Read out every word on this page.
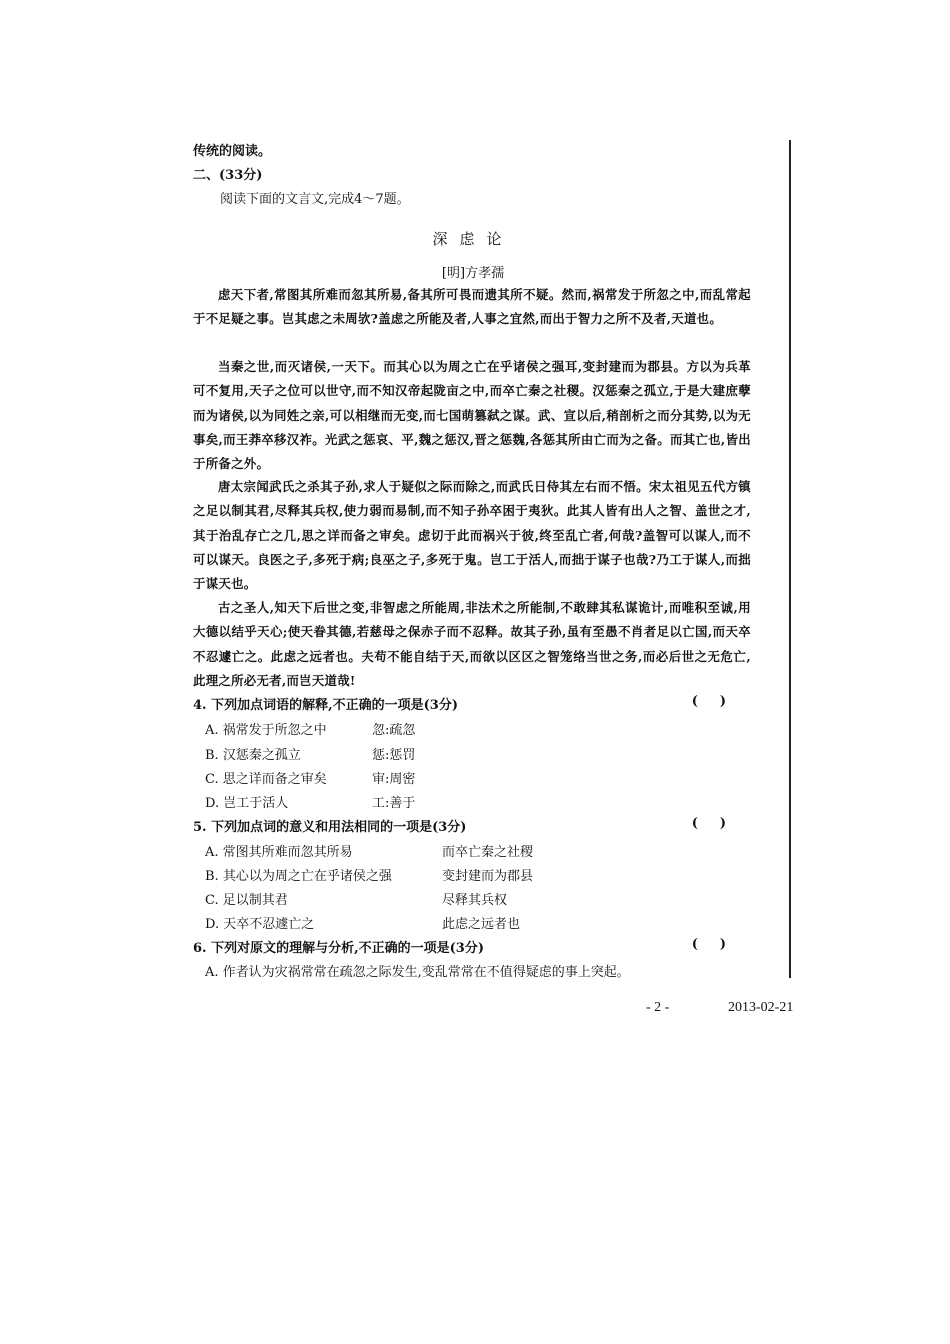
传统的阅读。
二、(33分)
阅读下面的文言文,完成4～7题。
深虑论
[明]方孝孺
虑天下者,常图其所难而忽其所易,备其所可畏而遗其所不疑。然而,祸常发于所忽之中,而乱常起于不足疑之事。岂其虑之未周欤?盖虑之所能及者,人事之宜然,而出于智力之所不及者,天道也。
当秦之世,而灭诸侯,一天下。而其心以为周之亡在乎诸侯之强耳,变封建而为郡县。方以为兵革可不复用,天子之位可以世守,而不知汉帝起陇亩之中,而卒亡秦之社稷。汉惩秦之孤立,于是大建庶孽而为诸侯,以为同姓之亲,可以相继而无变,而七国萌篡弑之谋。武、宣以后,稍剖析之而分其势,以为无事矣,而王莽卒移汉祚。光武之惩哀、平,魏之惩汉,晋之惩魏,各惩其所由亡而为之备。而其亡也,皆出于所备之外。
唐太宗闻武氏之杀其子孙,求人于疑似之际而除之,而武氏日侍其左右而不悟。宋太祖见五代方镇之足以制其君,尽释其兵权,使力弱而易制,而不知子孙卒困于夷狄。此其人皆有出人之智、盖世之才,其于治乱存亡之几,思之详而备之审矣。虑切于此而祸兴于彼,终至乱亡者,何哉?盖智可以谋人,而不可以谋天。良医之子,多死于病;良巫之子,多死于鬼。岂工于活人,而拙于谋子也哉?乃工于谋人,而拙于谋天也。
古之圣人,知天下后世之变,非智虑之所能周,非法术之所能制,不敢肆其私谋诡计,而唯积至诚,用大德以结乎天心;使天眷其德,若慈母之保赤子而不忍释。故其子孙,虽有至愚不肖者足以亡国,而天卒不忍遽亡之。此虑之远者也。夫苟不能自结于天,而欲以区区之智笼络当世之务,而必后世之无危亡,此理之所必无者,而岂天道哉!
4. 下列加点词语的解释,不正确的一项是(3分)	()
A. 祸常发于所忽之中	忽:疏忽
B. 汉惩秦之孤立	惩:惩罚
C. 思之详而备之审矣	审:周密
D. 岂工于活人	工:善于
5. 下列加点词的意义和用法相同的一项是(3分)	()
A. 常图其所难而忽其所易	而卒亡秦之社稷
B. 其心以为周之亡在乎诸侯之强	变封建而为郡县
C. 足以制其君	尽释其兵权
D. 天卒不忍遽亡之	此虑之远者也
6. 下列对原文的理解与分析,不正确的一项是(3分)	()
A. 作者认为灾祸常常在疏忽之际发生,变乱常常在不值得疑虑的事上突起。
- 2 -	2013-02-21
